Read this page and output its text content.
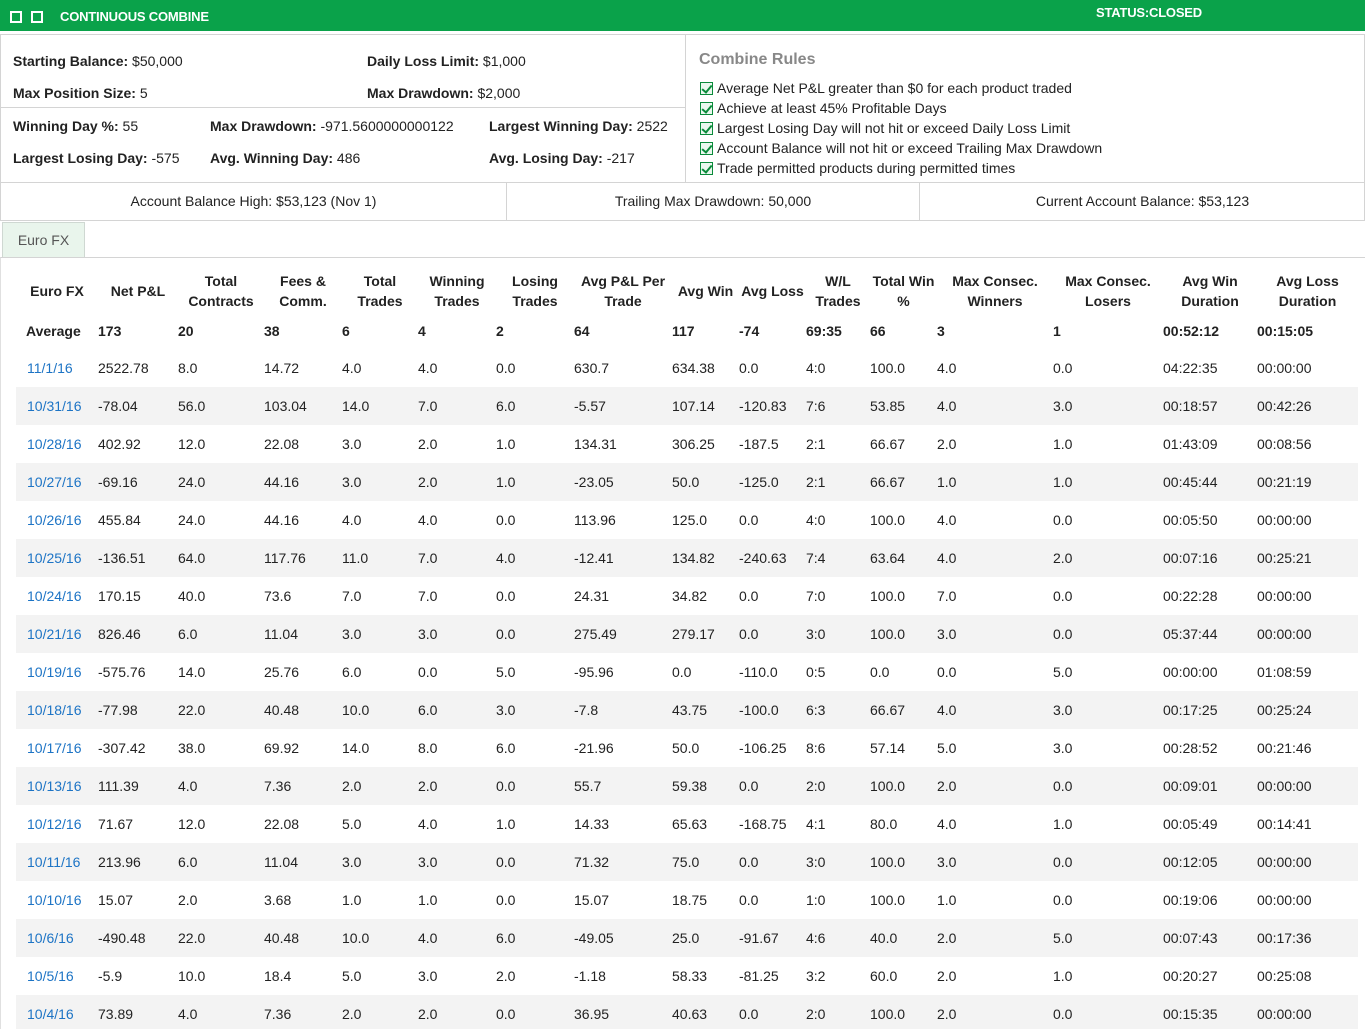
CONTINUOUS COMBINE	STATUS:CLOSED
Starting Balance: $50,000	Daily Loss Limit: $1,000
Max Position Size: 5	Max Drawdown: $2,000
Winning Day %: 55	Max Drawdown: -971.5600000000122	Largest Winning Day: 2522
Largest Losing Day: -575 Avg. Winning Day: 486	Avg. Losing Day: -217
Combine Rules
Average Net P&L greater than $0 for each product traded
Achieve at least 45% Profitable Days
Largest Losing Day will not hit or exceed Daily Loss Limit
Account Balance will not hit or exceed Trailing Max Drawdown
Trade permitted products during permitted times
Account Balance High: $53,123 (Nov 1)	Trailing Max Drawdown: 50,000	Current Account Balance: $53,123
Euro FX
Euro FX	Net P&L	Total Contracts	Fees & Comm.	Total Trades	Winning Trades	Losing Trades	Avg P&L Per Trade	Avg Win	Avg Loss	W/L Trades	Total Win %	Max Consec. Winners	Max Consec. Losers	Avg Win Duration	Avg Loss Duration
Average	173	20	38	6	4	2	64	117	-74	69:35	66	3	1	00:52:12	00:15:05
11/1/16	2522.78	8.0	14.72	4.0	4.0	0.0	630.7	634.38	0.0	4:0	100.0	4.0	0.0	04:22:35	00:00:00
10/31/16	-78.04	56.0	103.04	14.0	7.0	6.0	-5.57	107.14	-120.83	7:6	53.85	4.0	3.0	00:18:57	00:42:26
10/28/16	402.92	12.0	22.08	3.0	2.0	1.0	134.31	306.25	-187.5	2:1	66.67	2.0	1.0	01:43:09	00:08:56
10/27/16	-69.16	24.0	44.16	3.0	2.0	1.0	-23.05	50.0	-125.0	2:1	66.67	1.0	1.0	00:45:44	00:21:19
10/26/16	455.84	24.0	44.16	4.0	4.0	0.0	113.96	125.0	0.0	4:0	100.0	4.0	0.0	00:05:50	00:00:00
10/25/16	-136.51	64.0	117.76	11.0	7.0	4.0	-12.41	134.82	-240.63	7:4	63.64	4.0	2.0	00:07:16	00:25:21
10/24/16	170.15	40.0	73.6	7.0	7.0	0.0	24.31	34.82	0.0	7:0	100.0	7.0	0.0	00:22:28	00:00:00
10/21/16	826.46	6.0	11.04	3.0	3.0	0.0	275.49	279.17	0.0	3:0	100.0	3.0	0.0	05:37:44	00:00:00
10/19/16	-575.76	14.0	25.76	6.0	0.0	5.0	-95.96	0.0	-110.0	0:5	0.0	0.0	5.0	00:00:00	01:08:59
10/18/16	-77.98	22.0	40.48	10.0	6.0	3.0	-7.8	43.75	-100.0	6:3	66.67	4.0	3.0	00:17:25	00:25:24
10/17/16	-307.42	38.0	69.92	14.0	8.0	6.0	-21.96	50.0	-106.25	8:6	57.14	5.0	3.0	00:28:52	00:21:46
10/13/16	111.39	4.0	7.36	2.0	2.0	0.0	55.7	59.38	0.0	2:0	100.0	2.0	0.0	00:09:01	00:00:00
10/12/16	71.67	12.0	22.08	5.0	4.0	1.0	14.33	65.63	-168.75	4:1	80.0	4.0	1.0	00:05:49	00:14:41
10/11/16	213.96	6.0	11.04	3.0	3.0	0.0	71.32	75.0	0.0	3:0	100.0	3.0	0.0	00:12:05	00:00:00
10/10/16	15.07	2.0	3.68	1.0	1.0	0.0	15.07	18.75	0.0	1:0	100.0	1.0	0.0	00:19:06	00:00:00
10/6/16	-490.48	22.0	40.48	10.0	4.0	6.0	-49.05	25.0	-91.67	4:6	40.0	2.0	5.0	00:07:43	00:17:36
10/5/16	-5.9	10.0	18.4	5.0	3.0	2.0	-1.18	58.33	-81.25	3:2	60.0	2.0	1.0	00:20:27	00:25:08
10/4/16	73.89	4.0	7.36	2.0	2.0	0.0	36.95	40.63	0.0	2:0	100.0	2.0	0.0	00:15:35	00:00:00
